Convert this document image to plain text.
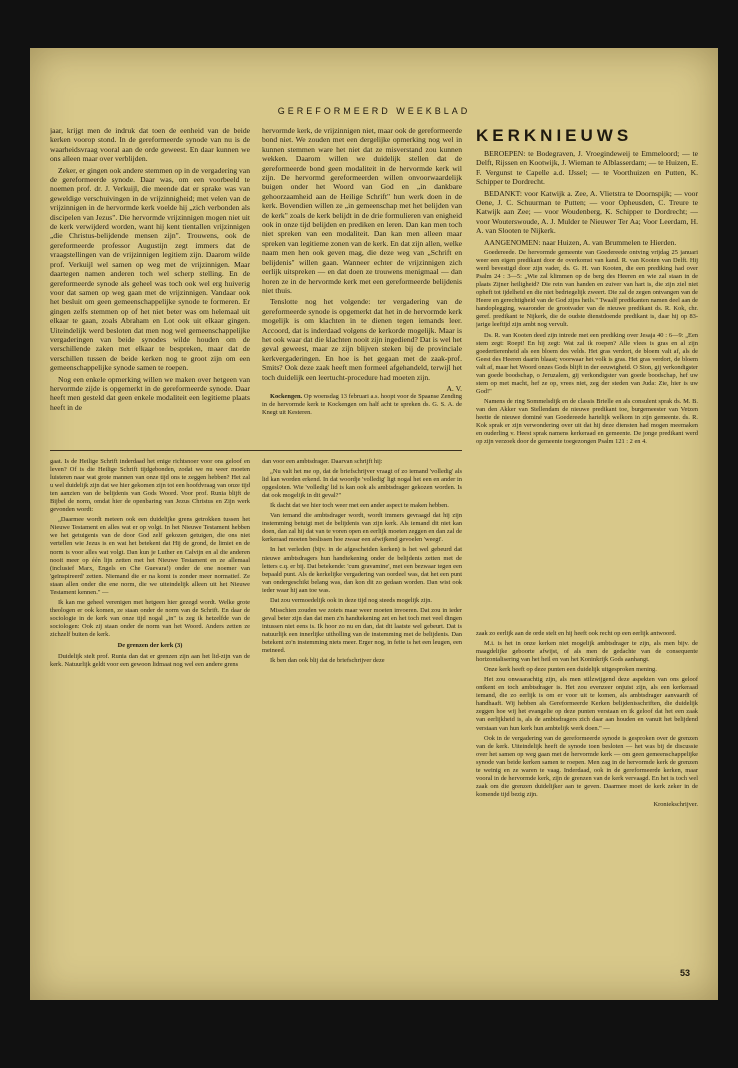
GEREFORMEERD WEEKBLAD

jaar, krijgt men de indruk dat toen de eenheid van de beide kerken voorop stond. In de gereformeerde synode van nu is de waarheidsvraag vooral aan de orde geweest. En daar kunnen we ons alleen maar over verblijden.

Zeker, er gingen ook andere stemmen op in de vergadering van de gereformeerde synode. Daar was, om een voorbeeld te noemen prof. dr. J. Verkuijl, die meende dat er sprake was van geweldige verschuivingen in de vrijzinnigheid; met velen van de vrijzinnigen in de hervormde kerk voelde hij „zich verbonden als discipelen van Jezus". Die hervormde vrijzinnigen mogen niet uit de kerk verwijderd worden, want hij kent tientallen vrijzinnigen „die Christus-belijdende mensen zijn". Trouwens, ook de gereformeerde professor Augustijn zegt immers dat de vraagstellingen van de vrijzinnigen legitiem zijn. Daarom wilde prof. Verkuijl wel samen op weg met de vrijzinnigen. Maar daartegen namen anderen toch wel scherp stelling. En de gereformeerde synode als geheel was toch ook wel erg huiverig voor dat samen op weg gaan met de vrijzinnigen. Vandaar ook het besluit om geen gemeenschappelijke synode te formeren. Er gingen zelfs stemmen op of het niet beter was om helemaal uit elkaar te gaan, zoals Abraham en Lot ook uit elkaar gingen. Uiteindelijk werd besloten dat men nog wel gemeenschappelijke vergaderingen van beide synodes wilde houden om de verschillende zaken met elkaar te bespreken, maar dat de verschillen tussen de beide kerken nog te groot zijn om een gemeenschappelijke synode samen te roepen.

Nog een enkele opmerking willen we maken over hetgeen van hervormde zijde is opgemerkt in de gereformeerde synode. Daar heeft men gesteld dat geen enkele modaliteit een legitieme plaats heeft in de

hervormde kerk, de vrijzinnigen niet, maar ook de gereformeerde bond niet. We zouden met een dergelijke opmerking nog wel in kunnen stemmen ware het niet dat ze misverstand zou kunnen wekken. Daarom willen we duidelijk stellen dat de gereformeerde bond geen modaliteit in de hervormde kerk wil zijn. De hervormd gereformeerden willen onvoorwaardelijk buigen onder het Woord van God en „in dankbare gehoorzaamheid aan de Heilige Schrift" hun werk doen in de kerk. Bovendien willen ze „in gemeenschap met het belijden van de kerk" zoals de kerk belijdt in de drie formulieren van enigheid ook in onze tijd belijden en prediken en leren. Dan kan men toch niet spreken van een modaliteit. Dan kan men alleen maar spreken van legitieme zonen van de kerk. En dat zijn allen, welke naam men hen ook geven mag, die deze weg van „Schrift en belijdenis" willen gaan. Wanneer echter de vrijzinnigen zich eerlijk uitspreken — en dat doen ze trouwens menigmaal — dan horen ze in de hervormde kerk met een gereformeerde belijdenis niet thuis.

Tenslotte nog het volgende: ter vergadering van de gereformeerde synode is opgemerkt dat het in de hervormde kerk mogelijk is om klachten in te dienen tegen iemands leer. Accoord, dat is inderdaad volgens de kerkorde mogelijk. Maar is het ook waar dat die klachten nooit zijn ingediend? Dat is wel het geval geweest, maar ze zijn blijven steken bij de provinciale kerkvergaderingen. En hoe is het gegaan met de zaak-prof. Smits? Ook deze zaak heeft men formeel afgehandeld, terwijl het toch duidelijk een leertucht-procedure had moeten zijn.

A. V.

Kockengen. Op woensdag 13 februari a.s. hoopt voor de Spaanse Zending in de hervormde kerk te Kockengen om half acht te spreken ds. G. S. A. de Knegt uit Kesteren.

KERKNIEUWS

BEROEPEN: te Bodegraven, J. Vroegindeweij te Emmeloord; — te Delft, Rijssen en Kootwijk, J. Wieman te Alblasserdam; — te Huizen, E. F. Vergunst te Capelle a.d. IJssel; — te Voorthuizen en Putten, K. Schipper te Dordrecht.

BEDANKT: voor Katwijk a. Zee, A. Vlietstra te Doornspijk; — voor Oene, J. C. Schuurman te Putten; — voor Opheusden, C. Treure te Katwijk aan Zee; — voor Woudenberg, K. Schipper te Dordrecht; — voor Wouterswoude, A. J. Mulder te Nieuwer Ter Aa; Voor Leerdam, H. A. van Slooten te Nijkerk.

AANGENOMEN: naar Huizen, A. van Brummelen te Hierden.

Goedereede. De hervormde gemeente van Goedereede ontving vrijdag 25 januari weer een eigen predikant door de overkomst van kand. R. van Kooten van Delft. Hij werd bevestigd door zijn vader, ds. G. H. van Kooten, die een prediking had over Psalm 24 : 3—5: „Wie zal klimmen op de berg des Heeren en wie zal staan in de plaats Zijner heiligheid? Die rein van handen en zuiver van hart is, die zijn ziel niet opheft tot ijdelheid en die niet bedriegelijk zweert. Die zal de zegen ontvangen van de Heere en gerechtigheid van de God zijns heils." Twaalf predikanten namen deel aan de handoplegging, waaronder de grootvader van de nieuwe predikant ds. R. Kok, chr. geref. predikant te Nijkerk, die de oudste dienstdoende predikant is, daar hij op 83-jarige leeftijd zijn ambt nog vervult.

Ds. R. van Kooten deed zijn intrede met een prediking over Jesaja 40 : 6—9: „Een stem zegt: Roept! En hij zegt: Wat zal ik roepen? Alle vlees is gras en al zijn goedertierenheid als een bloem des velds. Het gras verdort, de bloem valt af, als de Geest des Heeren daarin blaast; voorwaar het volk is gras. Het gras verdort, de bloem valt af, maar het Woord onzes Gods blijft in der eeuwigheid. O Sion, gij verkondigster van goede boodschap, o Jeruzalem, gij verkondigster van goede boodschap, hef uw stem op met macht, hef ze op, vrees niet, zeg der steden van Juda: Zie, hier is uw God!"

Namens de ring Sommelsdijk en de classis Brielle en als consulent sprak ds. M. B. van den Akker van Stellendam de nieuwe predikant toe, burgemeester van Vetzen heette de nieuwe dominé van Goedereede hartelijk welkom in zijn gemeente. ds. R. Kok sprak er zijn verwondering over uit dat hij deze diensten had mogen meemaken en ouderling v. Heest sprak namens kerkeraad en gemeente. De jonge predikant werd op zijn verzoek door de gemeente toegezongen Psalm 121 : 2 en 4.

gaat. Is de Heilige Schrift inderdaad het enige richtsnoer voor ons geloof en leven? Of is die Heilige Schrift tijdgebonden, zodat we nu weer moeten luisteren naar wat grote mannen van onze tijd ons te zeggen hebben? Het zal u wel duidelijk zijn dat we hier gekomen zijn tot een hoofdvraag van onze tijd ten aanzien van de belijdenis van Gods Woord. Voor prof. Runia blijft de Bijbel de norm, omdat hier de openbaring van Jezus Christus en Zijn werk gevonden wordt:

„Daarmee wordt meteen ook een duidelijke grens getrokken tussen het Nieuwe Testament en alles wat er op volgt. In het Nieuwe Testament hebben we het getuigenis van de door God zelf gekozen getuigen, die ons niet vertellen wie Jezus is en wat het betekent dat Hij de grond, de limiet en de norm is voor alles wat volgt. Dan kun je Luther en Calvijn en al die anderen nooit meer op één lijn zetten met het Nieuwe Testament en ze allemaal (inclusief Marx, Engels en Che Guevara!) onder de ene noemer van 'geïnspireerd' zetten. Niemand die er na komt is zonder meer normatief. Ze staan allen onder die ene norm, die we uiteindelijk alleen uit het Nieuwe Testament kennen." —

Ik kan me geheel verenigen met hetgeen hier gezegd wordt. Welke grote theologen er ook komen, ze staan onder de norm van de Schrift. En daar de sociologie in de kerk van onze tijd nogal „in" is zeg ik hetzelfde van de sociologen: Ook zij staan onder de norm van het Woord. Anders zetten ze zichzelf buiten de kerk.

De grenzen der kerk (3)

Duidelijk stelt prof. Runia dan dat er grenzen zijn aan het lid-zijn van de kerk. Natuurlijk geldt voor een gewoon lidmaat nog wel een andere grens

dan voor een ambtsdrager. Daarvan schrijft hij:

„Nu valt het me op, dat de briefschrijver vraagt of zo iemand 'volledig' als lid kan worden erkend. In dat woordje 'volledig' ligt nogal het een en ander in opgesloten. Wie 'volledig' lid is kan ook als ambtsdrager gekozen worden. Is dat ook mogelijk in dit geval?"

Ik dacht dat we hier toch weer met een ander aspect te maken hebben.

Van iemand die ambtsdrager wordt, wordt immers gevraagd dat hij zijn instemming betuigt met de belijdenis van zijn kerk. Als iemand dit niet kan doen, dan zal hij dat van te voren open en eerlijk moeten zeggen en dan zal de kerkeraad moeten beslissen hoe zwaar een afwijkend gevoelen 'weegt'.

In het verleden (bijv. in de afgescheiden kerken) is het wel gebeurd dat nieuwe ambtsdragers hun handtekening onder de belijdenis zetten met de letters c.q. er bij. Dat betekende: 'cum gravamine', met een bezwaar tegen een bepaald punt. Als de kerkelijke vergadering van oordeel was, dat het een punt van ondergeschikt belang was, dan kon dit zo gedaan worden. Dan wist ook ieder waar hij aan toe was.

Dat zou vermoedelijk ook in deze tijd nog steeds mogelijk zijn.

Misschien zouden we zoiets maar weer moeten invoeren. Dat zou in ieder geval beter zijn dan dat men z'n handtekening zet en het toch met veel dingen intussen niet eens is. Ik hoor zo nu en dan, dat dit laatste wel gebeurt. Dat is natuurlijk een innerlijke uitholling van de instemming met de belijdenis. Dan betekent zo'n instemming niets meer. Erger nog, in feite is het een leugen, een meineed.

Ik ben dan ook blij dat de briefschrijver deze

zaak zo eerlijk aan de orde stelt en hij heeft ook recht op een eerlijk antwoord.

M.i. is het in onze kerken niet mogelijk ambtsdrager te zijn, als men bijv. de maagdelijke geboorte afwijst, of als men de gedachte van de consequente horizontalisering van het heil en van het Koninkrijk Gods aanhangt.

Onze kerk heeft op deze punten een duidelijk uitgesproken mening.

Het zou onwaarachtig zijn, als men stilzwijgend deze aspekten van ons geloof ontkent en toch ambtsdrager is. Het zou evenzeer onjuist zijn, als een kerkeraad iemand, die zo eerlijk is om er voor uit te komen, als ambtsdrager aanvaardt of handhaaft. Wij hebben als Gereformeerde Kerken belijdenisschriften, die duidelijk zeggen hoe wij het evangelie op deze punten verstaan en ik geloof dat het een zaak van eerlijkheid is, als de ambtsdragers zich daar aan houden en vanuit het belijdend verstaan van hun kerk hun ambtelijk werk doen." —

Ook in de vergadering van de gereformeerde synode is gesproken over de grenzen van de kerk. Uiteindelijk heeft de synode toen besloten — het was bij de discussie over het samen op weg gaan met de hervormde kerk — om geen gemeenschappelijke synode van beide kerken samen te roepen. Men zag in de hervormde kerk de grenzen te weinig en ze waren te vaag. Inderdaad, ook in de gereformeerde kerken, maar vooral in de hervormde kerk, zijn de grenzen van de kerk vervaagd. En het is toch wel zaak om die grenzen duidelijker aan te geven. Daarmee moet de kerk zeker in de komende tijd bezig zijn.

Kroniekschrijver.
53
